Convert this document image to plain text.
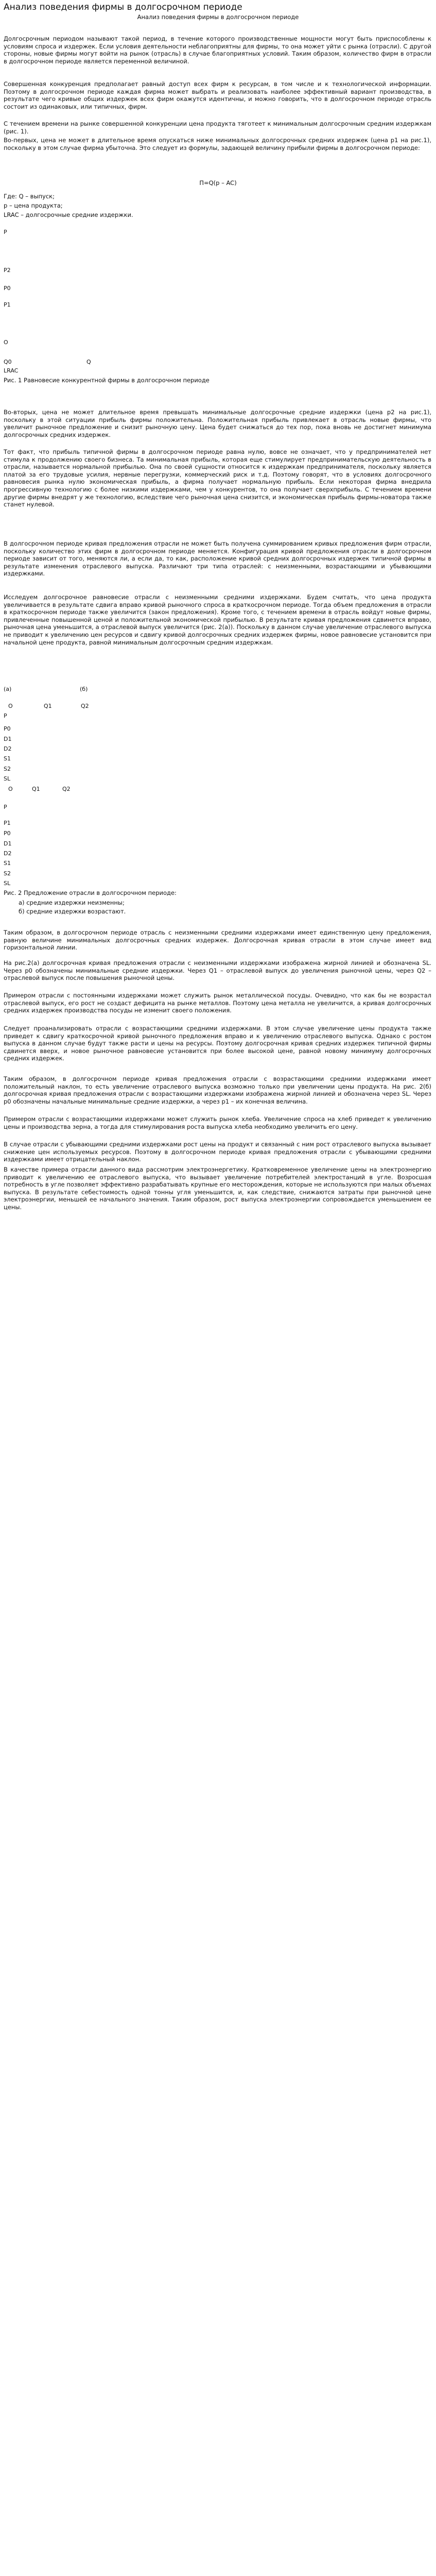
Анализ поведения фирмы в долгосрочном периоде
Анализ поведения фирмы в долгосрочном периоде

Долгосрочным периодом называют такой период, в течение которого производственные мощности могут быть приспособлены к условиям спроса и издержек. Если условия деятельности неблагоприятны для фирмы, то она может уйти с рынка (отрасли). С другой стороны, новые фирмы могут войти на рынок (отрасль) в случае благоприятных условий. Таким образом, количество фирм в отрасли в долгосрочном периоде является переменной величиной.

Совершенная конкуренция предполагает равный доступ всех фирм к ресурсам, в том числе и к технологической информации. Поэтому в долгосрочном периоде каждая фирма может выбрать и реализовать наиболее эффективный вариант производства, в результате чего кривые общих издержек всех фирм окажутся идентичны, и можно говорить, что в долгосрочном периоде отрасль состоит из одинаковых, или типичных, фирм.

С течением времени на рынке совершенной конкуренции цена продукта тяготеет к минимальным долгосрочным средним издержкам (рис. 1).

Во-первых, цена не может в длительное время опускаться ниже минимальных долгосрочных средних издержек (цена р1 на рис.1), поскольку в этом случае фирма убыточна. Это следует из формулы, задающей величину прибыли фирмы в долгосрочном периоде:

П=Q(p – AC)
Где: Q – выпуск;
р – цена продукта;
LRAC – долгосрочные средние издержки.
P
P2
P0
P1
O
Q0	Q
LRAC
Рис. 1 Равновесие конкурентной фирмы в долгосрочном периоде

Во-вторых, цена не может длительное время превышать минимальные долгосрочные средние издержки (цена р2 на рис.1), поскольку в этой ситуации прибыль фирмы положительна. Положительная прибыль привлекает в отрасль новые фирмы, что увеличит рыночное предложение и снизит рыночную цену. Цена будет снижаться до тех пор, пока вновь не достигнет минимума долгосрочных средних издержек.

Тот факт, что прибыль типичной фирмы в долгосрочном периоде равна нулю, вовсе не означает, что у предпринимателей нет стимула к продолжению своего бизнеса. Та минимальная прибыль, которая еще стимулирует предпринимательскую деятельность в отрасли, называется нормальной прибылью. Она по своей сущности относится к издержкам предпринимателя, поскольку является платой за его трудовые усилия, нервные перегрузки, коммерческий риск и т.д. Поэтому говорят, что в условиях долгосрочного равновесия рынка нулю экономическая прибыль, а фирма получает нормальную прибыль. Если некоторая фирма внедрила прогрессивную технологию с более низкими издержками, чем у конкурентов, то она получает сверхприбыль. С течением времени другие фирмы внедрят у же технологию, вследствие чего рыночная цена снизится, и экономическая прибыль фирмы-новатора также станет нулевой.

В долгосрочном периоде кривая предложения отрасли не может быть получена суммированием кривых предложения фирм отрасли, поскольку количество этих фирм в долгосрочном периоде меняется. Конфигурация кривой предложения отрасли в долгосрочном периоде зависит от того, меняются ли, а если да, то как, расположение кривой средних долгосрочных издержек типичной фирмы в результате изменения отраслевого выпуска. Различают три типа отраслей: с неизменными, возрастающими и убывающими издержками.

Исследуем долгосрочное равновесие отрасли с неизменными средними издержками. Будем считать, что цена продукта увеличивается в результате сдвига вправо кривой рыночного спроса в краткосрочном периоде. Тогда объем предложения в отрасли в краткосрочном периоде также увеличится (закон предложения). Кроме того, с течением времени в отрасль войдут новые фирмы, привлеченные повышенной ценой и положительной экономической прибылью. В результате кривая предложения сдвинется вправо, рыночная цена уменьшится, а отраслевой выпуск увеличится (рис. 2(а)). Поскольку в данном случае увеличение отраслевого выпуска не приводит к увеличению цен ресурсов и сдвигу кривой долгосрочных средних издержек фирмы, новое равновесие установится при начальной цене продукта, равной минимальным долгосрочным средним издержкам.

(a)	(б)
O	Q1	Q2
P
P0
D1
D2
S1
S2
SL
O	Q1	Q2
P
P1
P0
D1
D2
S1
S2
SL
Рис. 2 Предложение отрасли в долгосрочном периоде:
а) средние издержки неизменны;
б) средние издержки возрастают.

Таким образом, в долгосрочном периоде отрасль с неизменными средними издержками имеет единственную цену предложения, равную величине минимальных долгосрочных средних издержек. Долгосрочная кривая отрасли в этом случае имеет вид горизонтальной линии.

На рис.2(а) долгосрочная кривая предложения отрасли с неизменными издержками изображена жирной линией и обозначена SL. Через р0 обозначены минимальные средние издержки. Через Q1 – отраслевой выпуск до увеличения рыночной цены, через Q2 – отраслевой выпуск после повышения рыночной цены.

Примером отрасли с постоянными издержками может служить рынок металлической посуды. Очевидно, что как бы не возрастал отраслевой выпуск, его рост не создаст дефицита на рынке металлов. Поэтому цена металла не увеличится, а кривая долгосрочных средних издержек производства посуды не изменит своего положения.

Следует проанализировать отрасли с возрастающими средними издержками. В этом случае увеличение цены продукта также приведет к сдвигу краткосрочной кривой рыночного предложения вправо и к увеличению отраслевого выпуска. Однако с ростом выпуска в данном случае будут также расти и цены на ресурсы. Поэтому долгосрочная кривая средних издержек типичной фирмы сдвинется вверх, и новое рыночное равновесие установится при более высокой цене, равной новому минимуму долгосрочных средних издержек.

Таким образом, в долгосрочном периоде кривая предложения отрасли с возрастающими средними издержками имеет положительный наклон, то есть увеличение отраслевого выпуска возможно только при увеличении цены продукта. На рис. 2(б) долгосрочная кривая предложения отрасли с возрастающими издержками изображена жирной линией и обозначена через SL. Через р0 обозначены начальные минимальные средние издержки, а через р1 – их конечная величина.

Примером отрасли с возрастающими издержками может служить рынок хлеба. Увеличение спроса на хлеб приведет к увеличению цены и производства зерна, а тогда для стимулирования роста выпуска хлеба необходимо увеличить его цену.

В случае отрасли с убывающими средними издержками рост цены на продукт и связанный с ним рост отраслевого выпуска вызывает снижение цен используемых ресурсов. Поэтому в долгосрочном периоде кривая предложения отрасли с убывающими средними издержками имеет отрицательный наклон.

В качестве примера отрасли данного вида рассмотрим электроэнергетику. Кратковременное увеличение цены на электроэнергию приводит к увеличению ее отраслевого выпуска, что вызывает увеличение потребителей электростанций в угле. Возросшая потребность в угле позволяет эффективно разрабатывать крупные его месторождения, которые не используются при малых объемах выпуска. В результате себестоимость одной тонны угля уменьшится, и, как следствие, снижаются затраты при рыночной цене электроэнергии, меньшей ее начального значения. Таким образом, рост выпуска электроэнергии сопровождается уменьшением ее цены.
